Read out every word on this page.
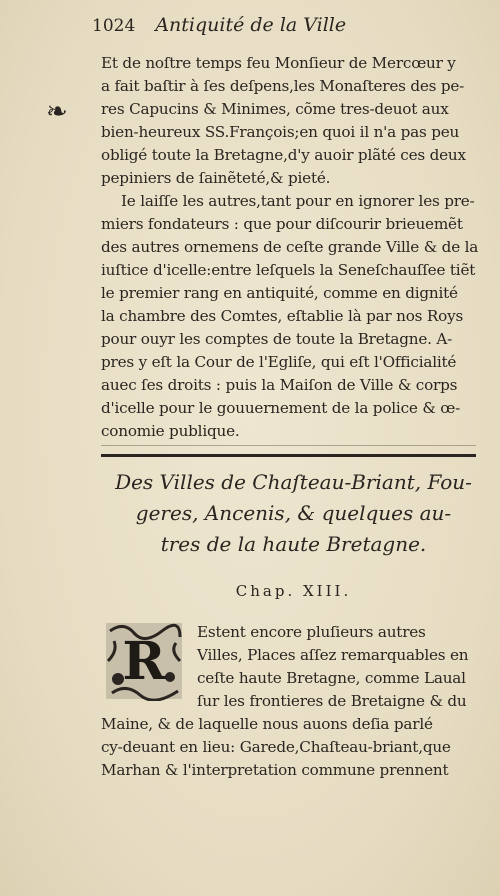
1024 Antiquité de la Ville
❧
Et de noſtre temps feu Monſieur de Mercœur y
a fait baſtir à ſes deſpens,les Monaſteres des pe-
res Capucins & Minimes, cõme tres-deuot aux
bien-heureux SS.François;en quoi il n'a pas peu
obligé toute la Bretagne,d'y auoir plãté ces deux
pepiniers de ſainẽteté,& pieté.
Ie laiſſe les autres,tant pour en ignorer les pre-
miers fondateurs : que pour diſcourir brieuemẽt
des autres ornemens de ceſte grande Ville & de la
iuſtice d'icelle:entre leſquels la Seneſchauſſee tiẽt
le premier rang en antiquité, comme en dignité
la chambre des Comtes, eſtablie là par nos Roys
pour ouyr les comptes de toute la Bretagne. A-
pres y eſt la Cour de l'Egliſe, qui eſt l'Officialité
auec ſes droits : puis la Maiſon de Ville & corps
d'icelle pour le gouuernement de la police & œ-
conomie publique.
Des Villes de Chaſteau-Briant, Fou-
geres, Ancenis, & quelques au-
tres de la haute Bretagne.
Chap. XIII.
R	Estent encore pluſieurs autres
Villes, Places aſſez remarquables en
ceſte haute Bretagne, comme Laual
ſur les frontieres de Bretaigne & du
Maine, & de laquelle nous auons deſia parlé
cy-deuant en lieu: Garede,Chaſteau-briant,que
Marhan & l'interpretation commune prennent
